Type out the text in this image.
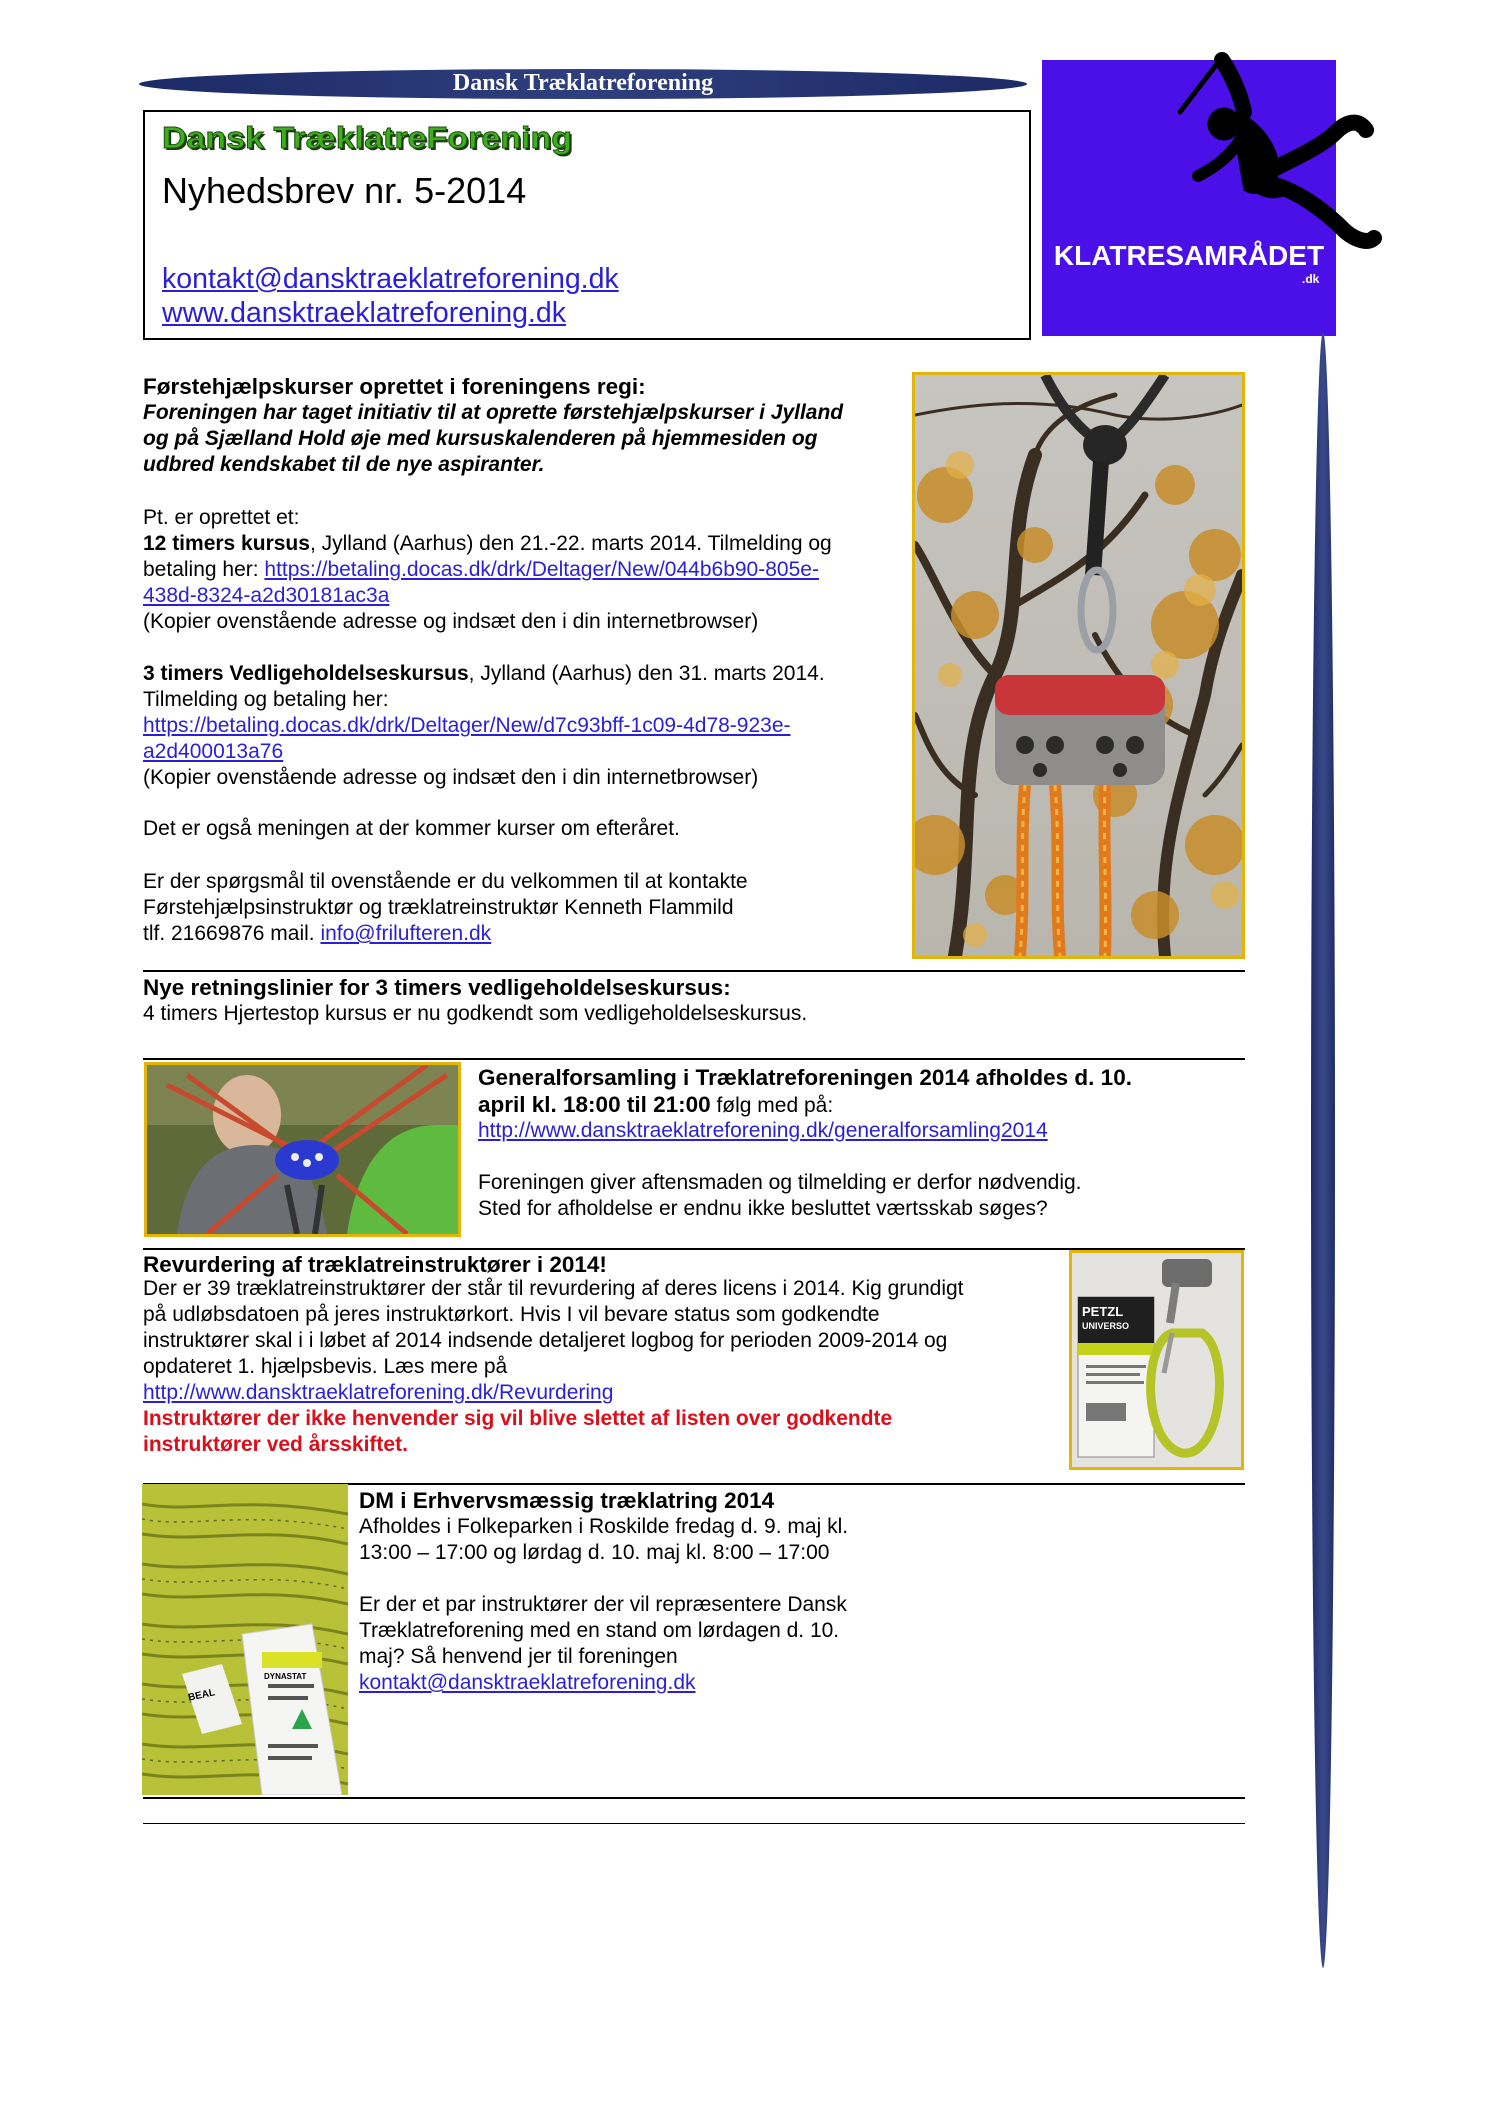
Dansk Træklatreforening
Dansk TræklatreForening
Nyhedsbrev nr. 5-2014
kontakt@dansktraeklatreforening.dk
www.dansktraeklatreforening.dk
KLATRESAMRÅDET
.dk
Førstehjælpskurser oprettet i foreningens regi:
Foreningen har taget initiativ til at oprette førstehjælpskurser i Jylland
og på Sjælland Hold øje med kursuskalenderen på hjemmesiden og
udbred kendskabet til de nye aspiranter.
Pt. er oprettet et:
12 timers kursus, Jylland (Aarhus) den 21.-22. marts 2014. Tilmelding og
betaling her: https://betaling.docas.dk/drk/Deltager/New/044b6b90-805e-
438d-8324-a2d30181ac3a
(Kopier ovenstående adresse og indsæt den i din internetbrowser)
3 timers Vedligeholdelseskursus, Jylland (Aarhus) den 31. marts 2014.
Tilmelding og betaling her:
https://betaling.docas.dk/drk/Deltager/New/d7c93bff-1c09-4d78-923e-
a2d400013a76
(Kopier ovenstående adresse og indsæt den i din internetbrowser)
Det er også meningen at der kommer kurser om efteråret.
Er der spørgsmål til ovenstående er du velkommen til at kontakte
Førstehjælpsinstruktør og træklatreinstruktør Kenneth Flammild
tlf. 21669876 mail. info@frilufteren.dk
Nye retningslinier for 3 timers vedligeholdelseskursus:
4 timers Hjertestop kursus er nu godkendt som vedligeholdelseskursus.
Generalforsamling i Træklatreforeningen 2014 afholdes d. 10.
april kl. 18:00 til 21:00 følg med på:
http://www.dansktraeklatreforening.dk/generalforsamling2014
Foreningen giver aftensmaden og tilmelding er derfor nødvendig.
Sted for afholdelse er endnu ikke besluttet værtsskab søges?
Revurdering af træklatreinstruktører i 2014!
Der er 39 træklatreinstruktører der står til revurdering af deres licens i 2014. Kig grundigt
på udløbsdatoen på jeres instruktørkort. Hvis I vil bevare status som godkendte
instruktører skal i i løbet af 2014 indsende detaljeret logbog for perioden 2009-2014 og
opdateret 1. hjælpsbevis. Læs mere på
http://www.dansktraeklatreforening.dk/Revurdering
Instruktører der ikke henvender sig vil blive slettet af listen over godkendte
instruktører ved årsskiftet.
PETZL
UNIVERSO
BEAL
DYNASTAT
DM i Erhvervsmæssig træklatring 2014
Afholdes i Folkeparken i Roskilde fredag d. 9. maj kl.
13:00 – 17:00 og lørdag d. 10. maj kl. 8:00 – 17:00
Er der et par instruktører der vil repræsentere Dansk
Træklatreforening med en stand om lørdagen d. 10.
maj? Så henvend jer til foreningen
kontakt@dansktraeklatreforening.dk
